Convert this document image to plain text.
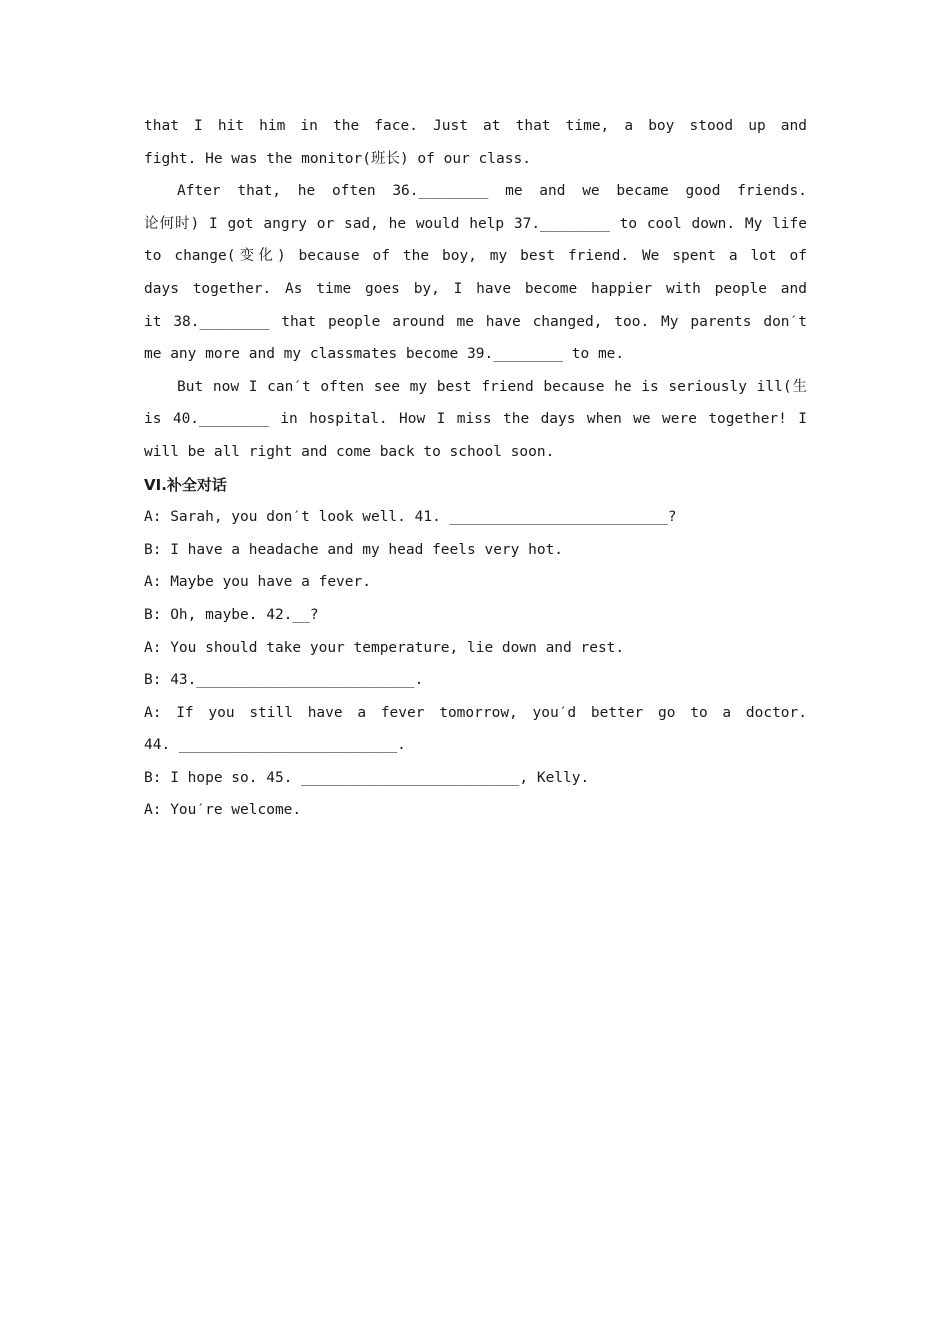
that I hit him in the face. Just at that time, a boy stood up and
fight. He was the monitor(班长) of our class.
After that, he often 36.________ me and we became good friends.
论何时) I got angry or sad, he would help 37.________ to cool down. My life
to change(变化) because of the boy, my best friend. We spent a lot of
days together. As time goes by, I have become happier with people and
it 38.________ that people around me have changed, too. My parents don′t
me any more and my classmates become 39.________ to me.
But now I can′t often see my best friend because he is seriously ill(生
is 40.________ in hospital. How I miss the days when we were together! I
will be all right and come back to school soon.
VI.补全对话
A: Sarah, you don′t look well. 41. _________________________?
B: I have a headache and my head feels very hot.
A: Maybe you have a fever.
B: Oh, maybe. 42.__?
A: You should take your temperature, lie down and rest.
B: 43._________________________.
A: If you still have a fever tomorrow, you′d better go to a doctor.
44. _________________________.
B: I hope so. 45. _________________________, Kelly.
A: You′re welcome.
